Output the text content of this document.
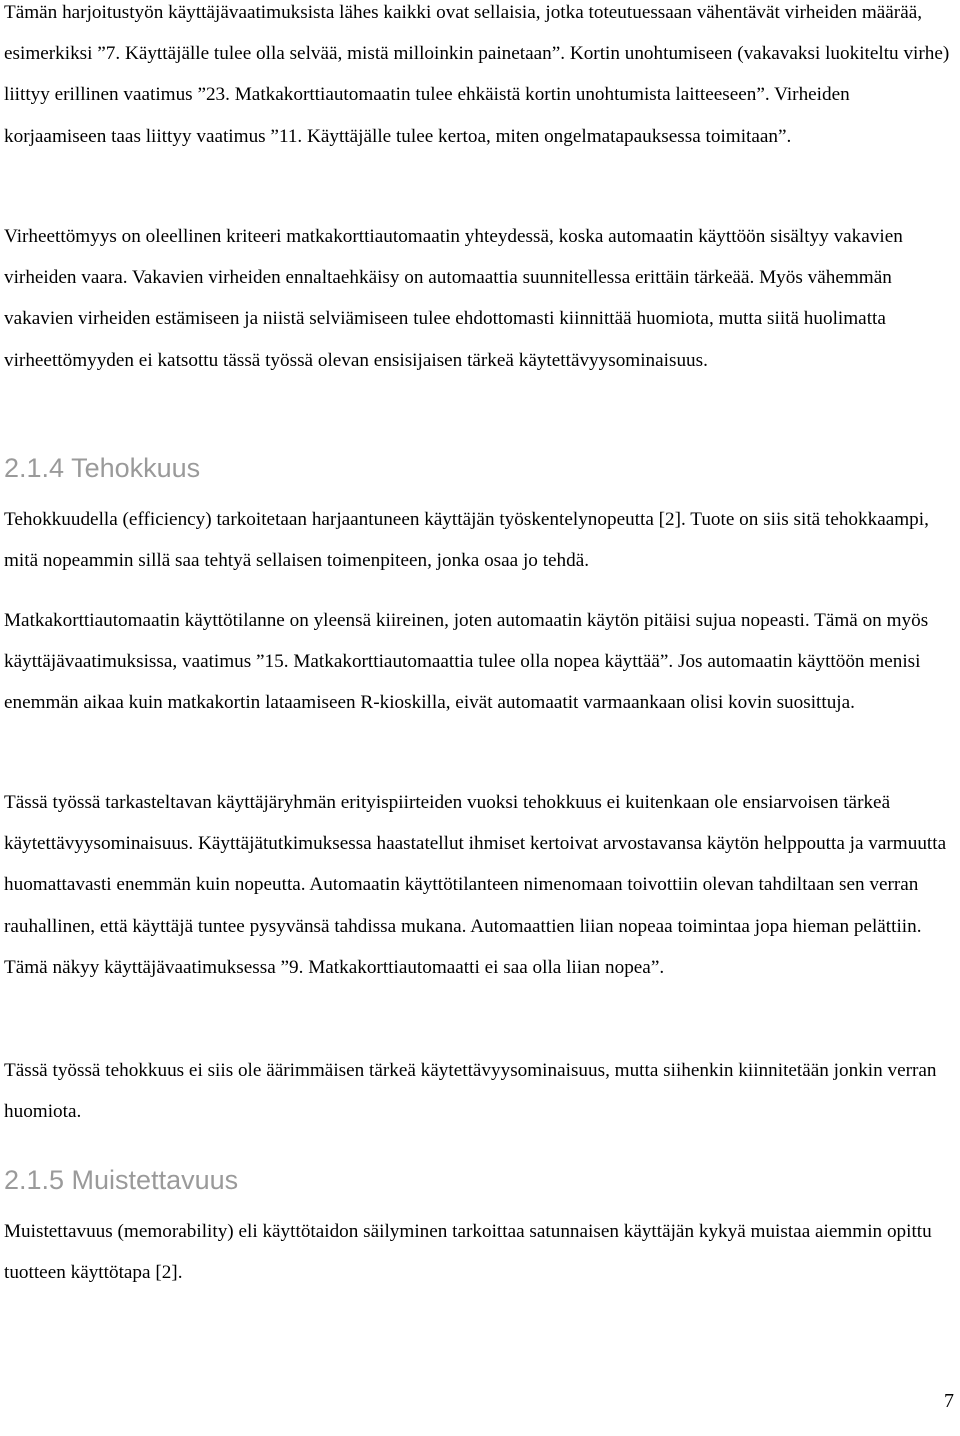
Tämän harjoitustyön käyttäjävaatimuksista lähes kaikki ovat sellaisia, jotka toteutuessaan vähentävät virheiden määrää, esimerkiksi ”7. Käyttäjälle tulee olla selvää, mistä milloinkin painetaan”. Kortin unohtumiseen (vakavaksi luokiteltu virhe) liittyy erillinen vaatimus ”23. Matkakorttiautomaatin tulee ehkäistä kortin unohtumista laitteeseen”. Virheiden korjaamiseen taas liittyy vaatimus ”11. Käyttäjälle tulee kertoa, miten ongelmatapauksessa toimitaan”.

Virheettömyys on oleellinen kriteeri matkakorttiautomaatin yhteydessä, koska automaatin käyttöön sisältyy vakavien virheiden vaara. Vakavien virheiden ennaltaehkäisy on automaattia suunnitellessa erittäin tärkeää. Myös vähemmän vakavien virheiden estämiseen ja niistä selviämiseen tulee ehdottomasti kiinnittää huomiota, mutta siitä huolimatta virheettömyyden ei katsottu tässä työssä olevan ensisijaisen tärkeä käytettävyysominaisuus.

2.1.4 Tehokkuus

Tehokkuudella (efficiency) tarkoitetaan harjaantuneen käyttäjän työskentelynopeutta [2]. Tuote on siis sitä tehokkaampi, mitä nopeammin sillä saa tehtyä sellaisen toimenpiteen, jonka osaa jo tehdä.

Matkakorttiautomaatin käyttötilanne on yleensä kiireinen, joten automaatin käytön pitäisi sujua nopeasti. Tämä on myös käyttäjävaatimuksissa, vaatimus ”15. Matkakorttiautomaattia tulee olla nopea käyttää”. Jos automaatin käyttöön menisi enemmän aikaa kuin matkakortin lataamiseen R-kioskilla, eivät automaatit varmaankaan olisi kovin suosittuja.

Tässä työssä tarkasteltavan käyttäjäryhmän erityispiirteiden vuoksi tehokkuus ei kuitenkaan ole ensiarvoisen tärkeä käytettävyysominaisuus. Käyttäjätutkimuksessa haastatellut ihmiset kertoivat arvostavansa käytön helppoutta ja varmuutta huomattavasti enemmän kuin nopeutta. Automaatin käyttötilanteen nimenomaan toivottiin olevan tahdiltaan sen verran rauhallinen, että käyttäjä tuntee pysyvänsä tahdissa mukana. Automaattien liian nopeaa toimintaa jopa hieman pelättiin. Tämä näkyy käyttäjävaatimuksessa ”9. Matkakorttiautomaatti ei saa olla liian nopea”.

Tässä työssä tehokkuus ei siis ole äärimmäisen tärkeä käytettävyysominaisuus, mutta siihenkin kiinnitetään jonkin verran huomiota.

2.1.5 Muistettavuus

Muistettavuus (memorability) eli käyttötaidon säilyminen tarkoittaa satunnaisen käyttäjän kykyä muistaa aiemmin opittu tuotteen käyttötapa [2].

7
